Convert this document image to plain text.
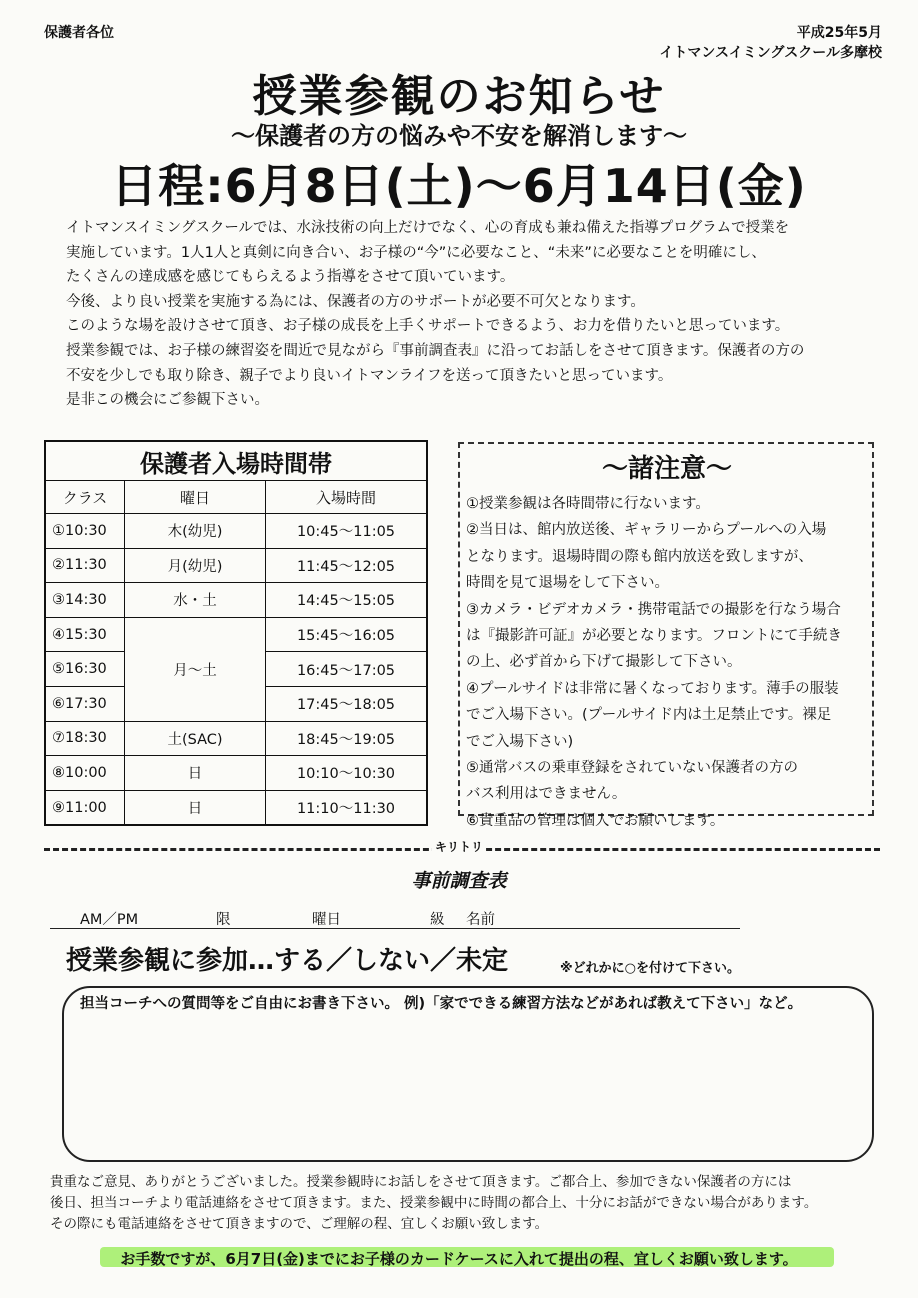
保護者各位	平成25年5月
イトマンスイミングスクール多摩校
授業参観のお知らせ
～保護者の方の悩みや不安を解消します～
日程:6月8日(土)～6月14日(金)

イトマンスイミングスクールでは、水泳技術の向上だけでなく、心の育成も兼ね備えた指導プログラムで授業を

実施しています。1人1人と真剣に向き合い、お子様の“今”に必要なこと、“未来”に必要なことを明確にし、

たくさんの達成感を感じてもらえるよう指導をさせて頂いています。

今後、より良い授業を実施する為には、保護者の方のサポートが必要不可欠となります。

このような場を設けさせて頂き、お子様の成長を上手くサポートできるよう、お力を借りたいと思っています。

授業参観では、お子様の練習姿を間近で見ながら『事前調査表』に沿ってお話しをさせて頂きます。保護者の方の

不安を少しでも取り除き、親子でより良いイトマンライフを送って頂きたいと思っています。

是非この機会にご参観下さい。

保護者入場時間帯		
クラス	曜日	入場時間
①10:30	木(幼児)	10:45～11:05
②11:30	月(幼児)	11:45～12:05
③14:30	水・土	14:45～15:05
④15:30	月～土	15:45～16:05
⑤16:30		16:45～17:05
⑥17:30		17:45～18:05
⑦18:30	土(SAC)	18:45～19:05
⑧10:00	日	10:10～10:30
⑨11:00	日	11:10～11:30
～諸注意～
①授業参観は各時間帯に行ないます。
②当日は、館内放送後、ギャラリーからプールへの入場
となります。退場時間の際も館内放送を致しますが、
時間を見て退場をして下さい。
③カメラ・ビデオカメラ・携帯電話での撮影を行なう場合
は『撮影許可証』が必要となります。フロントにて手続き
の上、必ず首から下げて撮影して下さい。
④プールサイドは非常に暑くなっております。薄手の服装
でご入場下さい。(プールサイド内は土足禁止です。裸足
でご入場下さい)
⑤通常バスの乗車登録をされていない保護者の方の
バス利用はできません。
⑥貴重品の管理は個人でお願いします。
キリトリ
事前調査表
AM／PM	限	曜日	級 名前
授業参観に参加…する／しない／未定	※どれかに○を付けて下さい。
担当コーチへの質問等をご自由にお書き下さい。 例)「家でできる練習方法などがあれば教えて下さい」など。

貴重なご意見、ありがとうございました。授業参観時にお話しをさせて頂きます。ご都合上、参加できない保護者の方には

後日、担当コーチより電話連絡をさせて頂きます。また、授業参観中に時間の都合上、十分にお話ができない場合があります。

その際にも電話連絡をさせて頂きますので、ご理解の程、宜しくお願い致します。

お手数ですが、6月7日(金)までにお子様のカードケースに入れて提出の程、宜しくお願い致します。
